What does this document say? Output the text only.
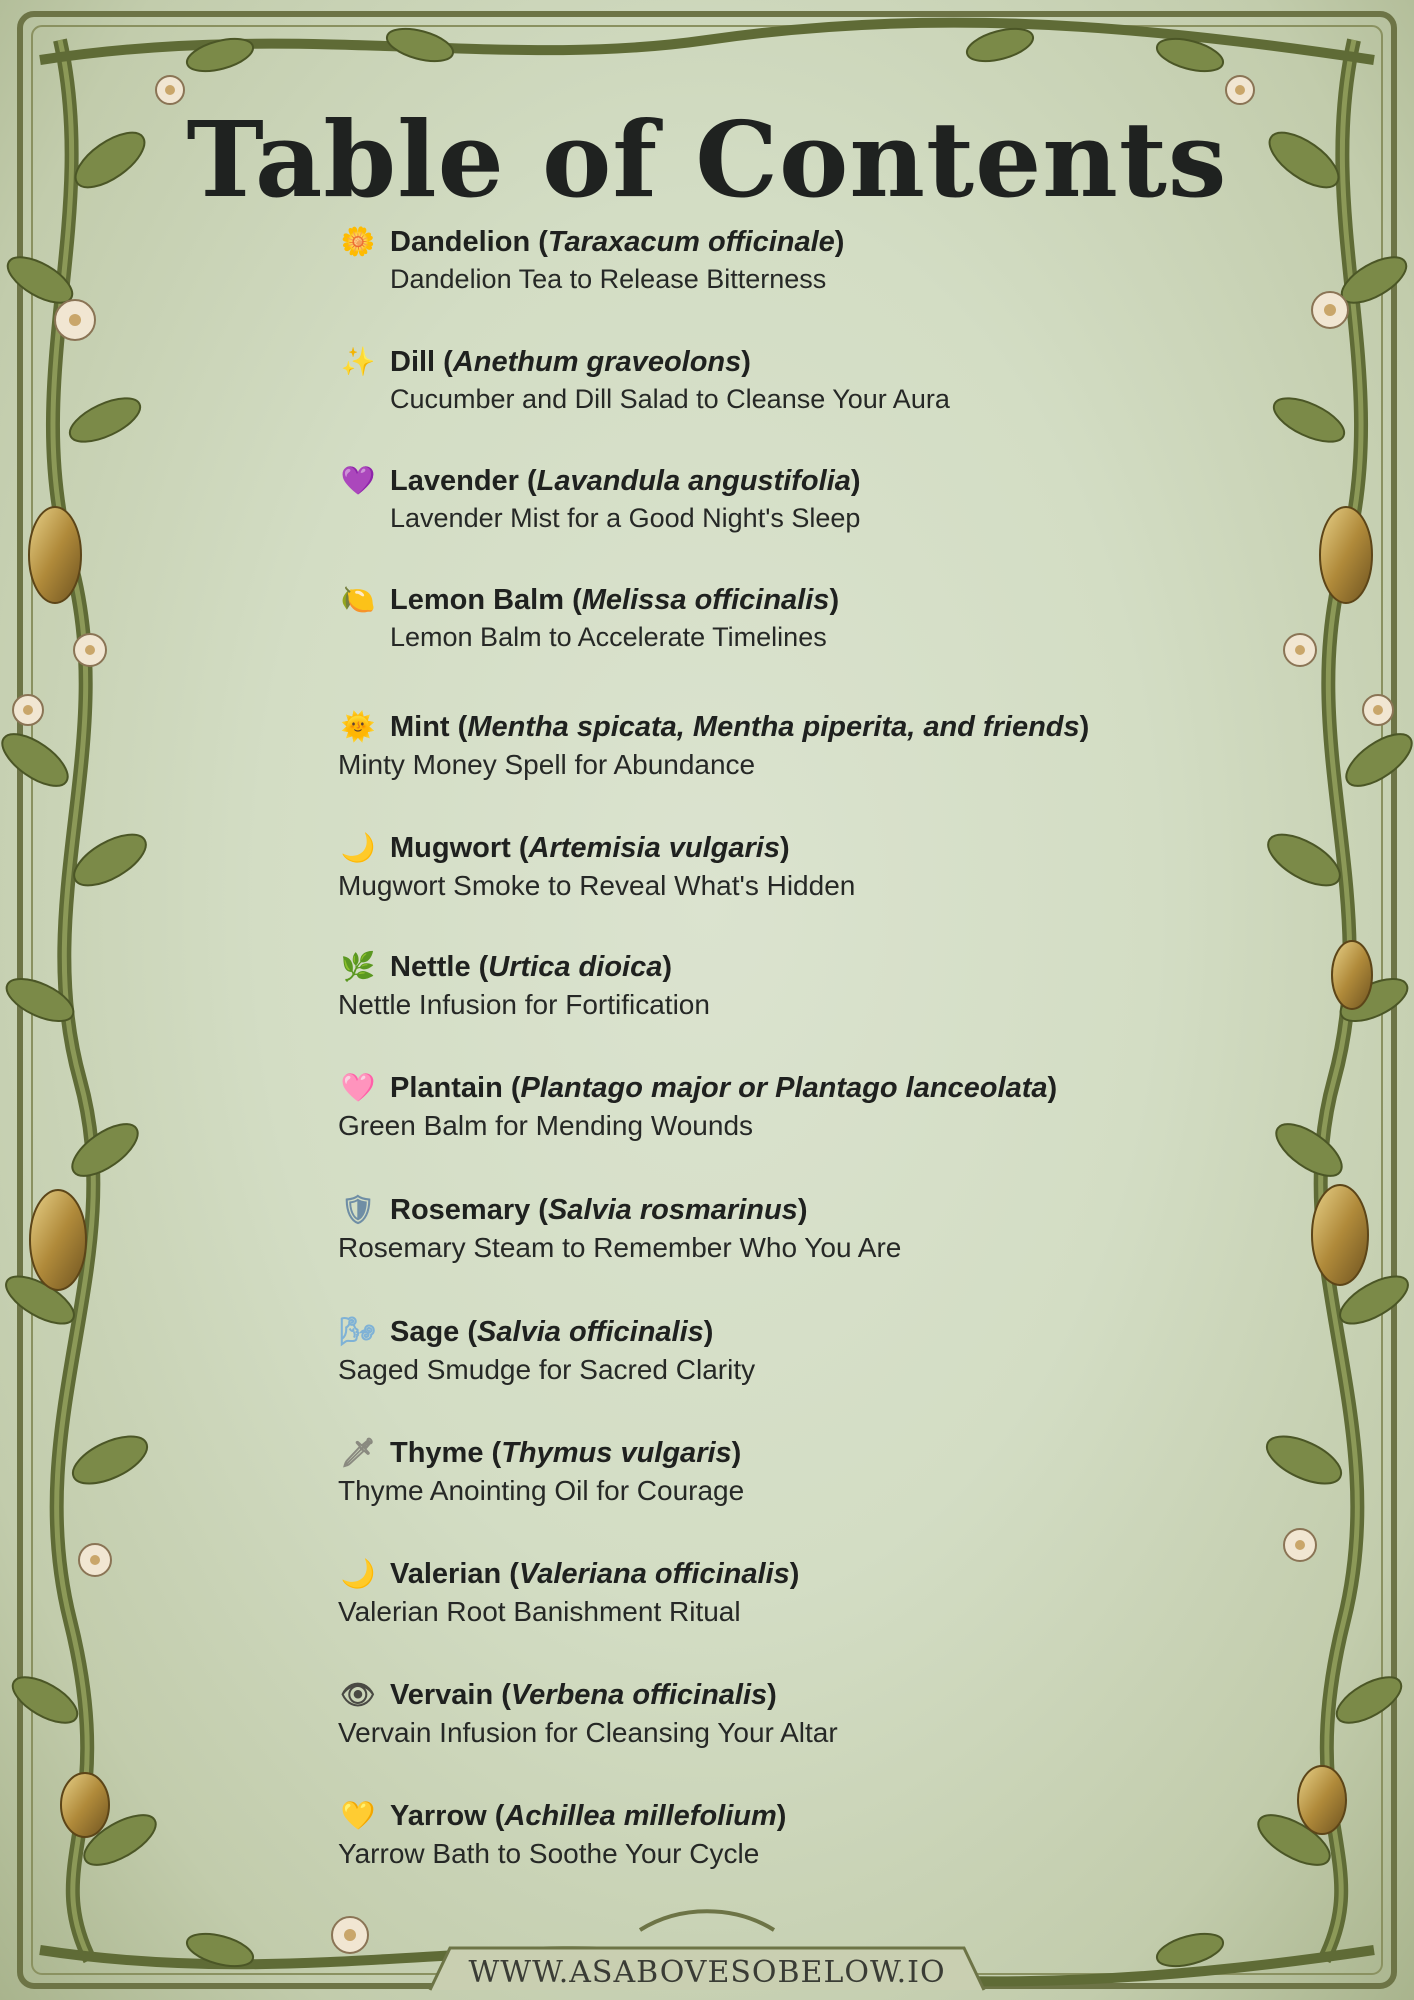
Table of Contents
🌼 Dandelion ( Taraxacum officinale )
Dandelion Tea to Release Bitterness
✨ Dill ( Anethum graveolons )
Cucumber and Dill Salad to Cleanse Your Aura
💜 Lavender ( Lavandula angustifolia )
Lavender Mist for a Good Night's Sleep
🍋 Lemon Balm ( Melissa officinalis )
Lemon Balm to Accelerate Timelines
🌞 Mint ( Mentha spicata, Mentha piperita, and friends )
Minty Money Spell for Abundance
🌙 Mugwort ( Artemisia vulgaris )
Mugwort Smoke to Reveal What's Hidden
🌿 Nettle ( Urtica dioica )
Nettle Infusion for Fortification
🩷 Plantain ( Plantago major or Plantago lanceolata )
Green Balm for Mending Wounds
🛡 Rosemary ( Salvia rosmarinus )
Rosemary Steam to Remember Who You Are
🌬 Sage ( Salvia officinalis )
Saged Smudge for Sacred Clarity
🗡 Thyme ( Thymus vulgaris )
Thyme Anointing Oil for Courage
🌙 Valerian ( Valeriana officinalis )
Valerian Root Banishment Ritual
👁 Vervain ( Verbena officinalis )
Vervain Infusion for Cleansing Your Altar
💛 Yarrow ( Achillea millefolium )
Yarrow Bath to Soothe Your Cycle
WWW.ASABOVESOBELOW.IO
